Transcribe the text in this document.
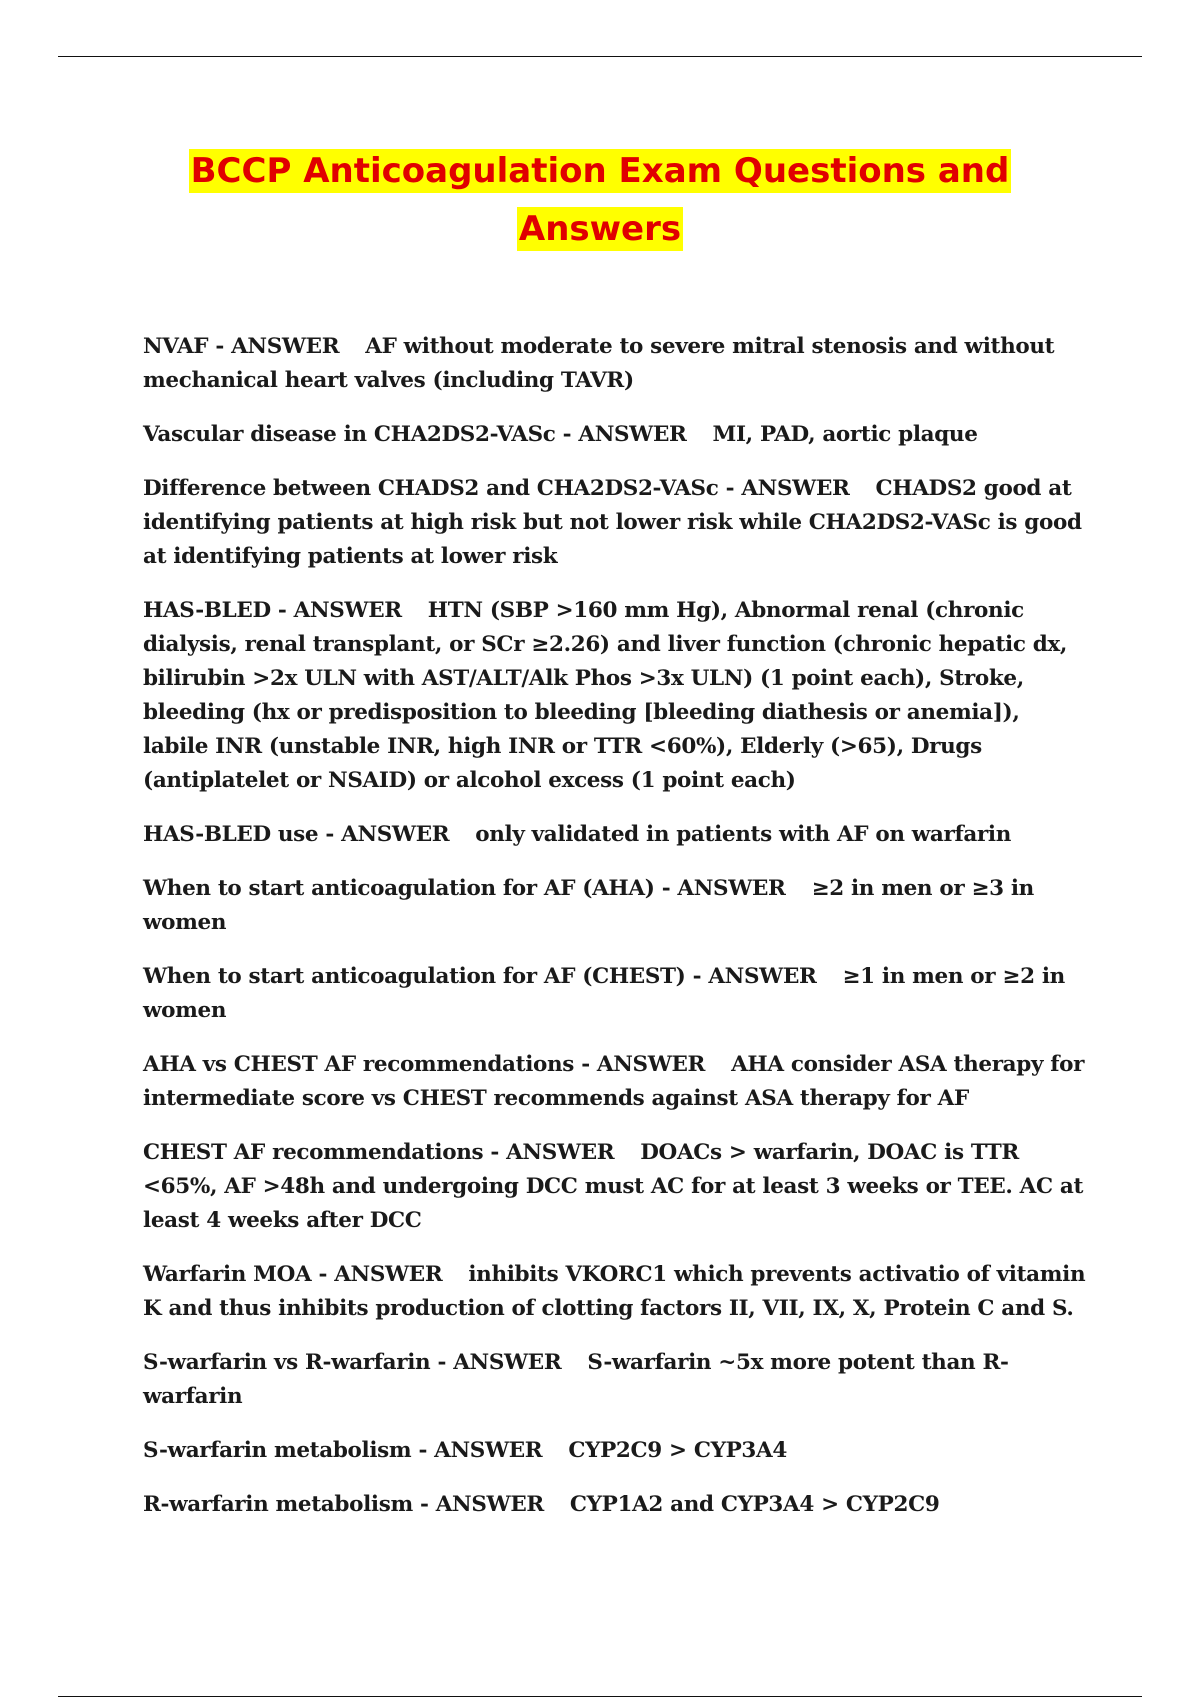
BCCP Anticoagulation Exam Questions and Answers
NVAF - ANSWER AF without moderate to severe mitral stenosis and without mechanical heart valves (including TAVR)
Vascular disease in CHA2DS2-VASc - ANSWER MI, PAD, aortic plaque
Difference between CHADS2 and CHA2DS2-VASc - ANSWER CHADS2 good at identifying patients at high risk but not lower risk while CHA2DS2-VASc is good at identifying patients at lower risk
HAS-BLED - ANSWER HTN (SBP >160 mm Hg), Abnormal renal (chronic dialysis, renal transplant, or SCr ≥2.26) and liver function (chronic hepatic dx, bilirubin >2x ULN with AST/ALT/Alk Phos >3x ULN) (1 point each), Stroke, bleeding (hx or predisposition to bleeding [bleeding diathesis or anemia]), labile INR (unstable INR, high INR or TTR <60%), Elderly (>65), Drugs (antiplatelet or NSAID) or alcohol excess (1 point each)
HAS-BLED use - ANSWER only validated in patients with AF on warfarin
When to start anticoagulation for AF (AHA) - ANSWER ≥2 in men or ≥3 in women
When to start anticoagulation for AF (CHEST) - ANSWER ≥1 in men or ≥2 in women
AHA vs CHEST AF recommendations - ANSWER AHA consider ASA therapy for intermediate score vs CHEST recommends against ASA therapy for AF
CHEST AF recommendations - ANSWER DOACs > warfarin, DOAC is TTR <65%, AF >48h and undergoing DCC must AC for at least 3 weeks or TEE. AC at least 4 weeks after DCC
Warfarin MOA - ANSWER inhibits VKORC1 which prevents activatio of vitamin K and thus inhibits production of clotting factors II, VII, IX, X, Protein C and S.
S-warfarin vs R-warfarin - ANSWER S-warfarin ~5x more potent than R-warfarin
S-warfarin metabolism - ANSWER CYP2C9 > CYP3A4
R-warfarin metabolism - ANSWER CYP1A2 and CYP3A4 > CYP2C9
